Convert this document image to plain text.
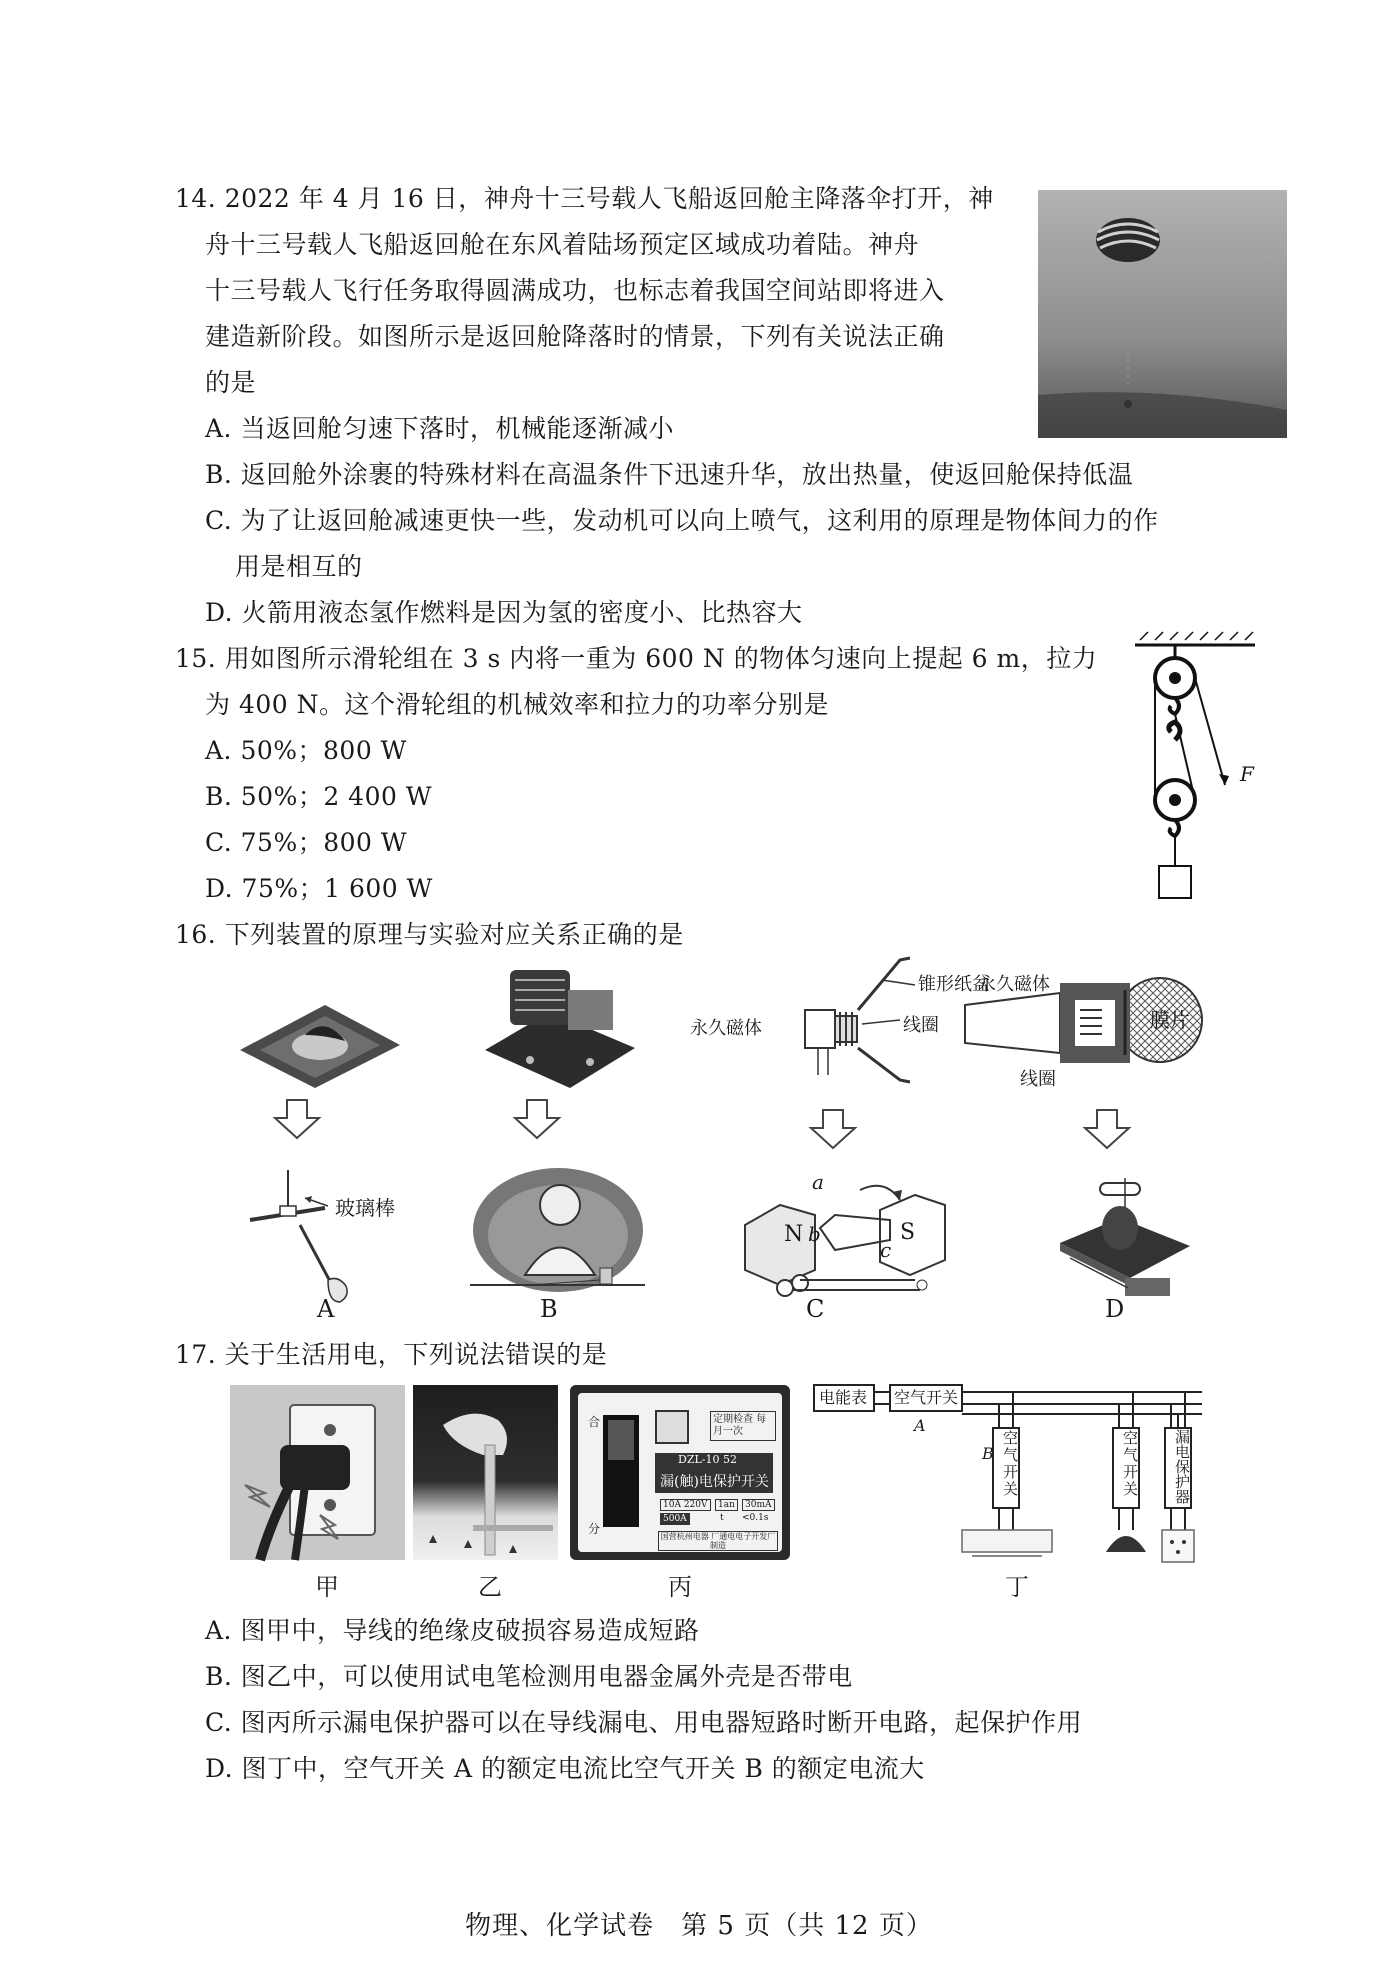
14. 2022 年 4 月 16 日，神舟十三号载人飞船返回舱主降落伞打开，神
舟十三号载人飞船返回舱在东风着陆场预定区域成功着陆。神舟
十三号载人飞行任务取得圆满成功，也标志着我国空间站即将进入
建造新阶段。如图所示是返回舱降落时的情景，下列有关说法正确
的是
A. 当返回舱匀速下落时，机械能逐渐减小
B. 返回舱外涂裹的特殊材料在高温条件下迅速升华，放出热量，使返回舱保持低温
C. 为了让返回舱减速更快一些，发动机可以向上喷气，这利用的原理是物体间力的作
用是相互的
D. 火箭用液态氢作燃料是因为氢的密度小、比热容大
15. 用如图所示滑轮组在 3 s 内将一重为 600 N 的物体匀速向上提起 6 m，拉力
为 400 N。这个滑轮组的机械效率和拉力的功率分别是
A. 50%；800 W
B. 50%；2 400 W
C. 75%；800 W
D. 75%；1 600 W
F
16. 下列装置的原理与实验对应关系正确的是
永久磁体
锥形纸盆
线圈
永久磁体
膜片
线圈
玻璃棒
a
N b
c
S
A	B	C	D
17. 关于生活用电，下列说法错误的是
合
分
定期检查 每月一次
DZL-10 52
漏(触)电保护开关
10A 220V	1an	30mA
500A	t <0.1s
国营杭州电器 厂通电电子开发厂制造
电能表 空气开关
A
B
空气开关
空气开关
漏电保护器
甲	乙	丙	丁
A. 图甲中，导线的绝缘皮破损容易造成短路
B. 图乙中，可以使用试电笔检测用电器金属外壳是否带电
C. 图丙所示漏电保护器可以在导线漏电、用电器短路时断开电路，起保护作用
D. 图丁中，空气开关 A 的额定电流比空气开关 B 的额定电流大
物理、化学试卷　第 5 页（共 12 页）
